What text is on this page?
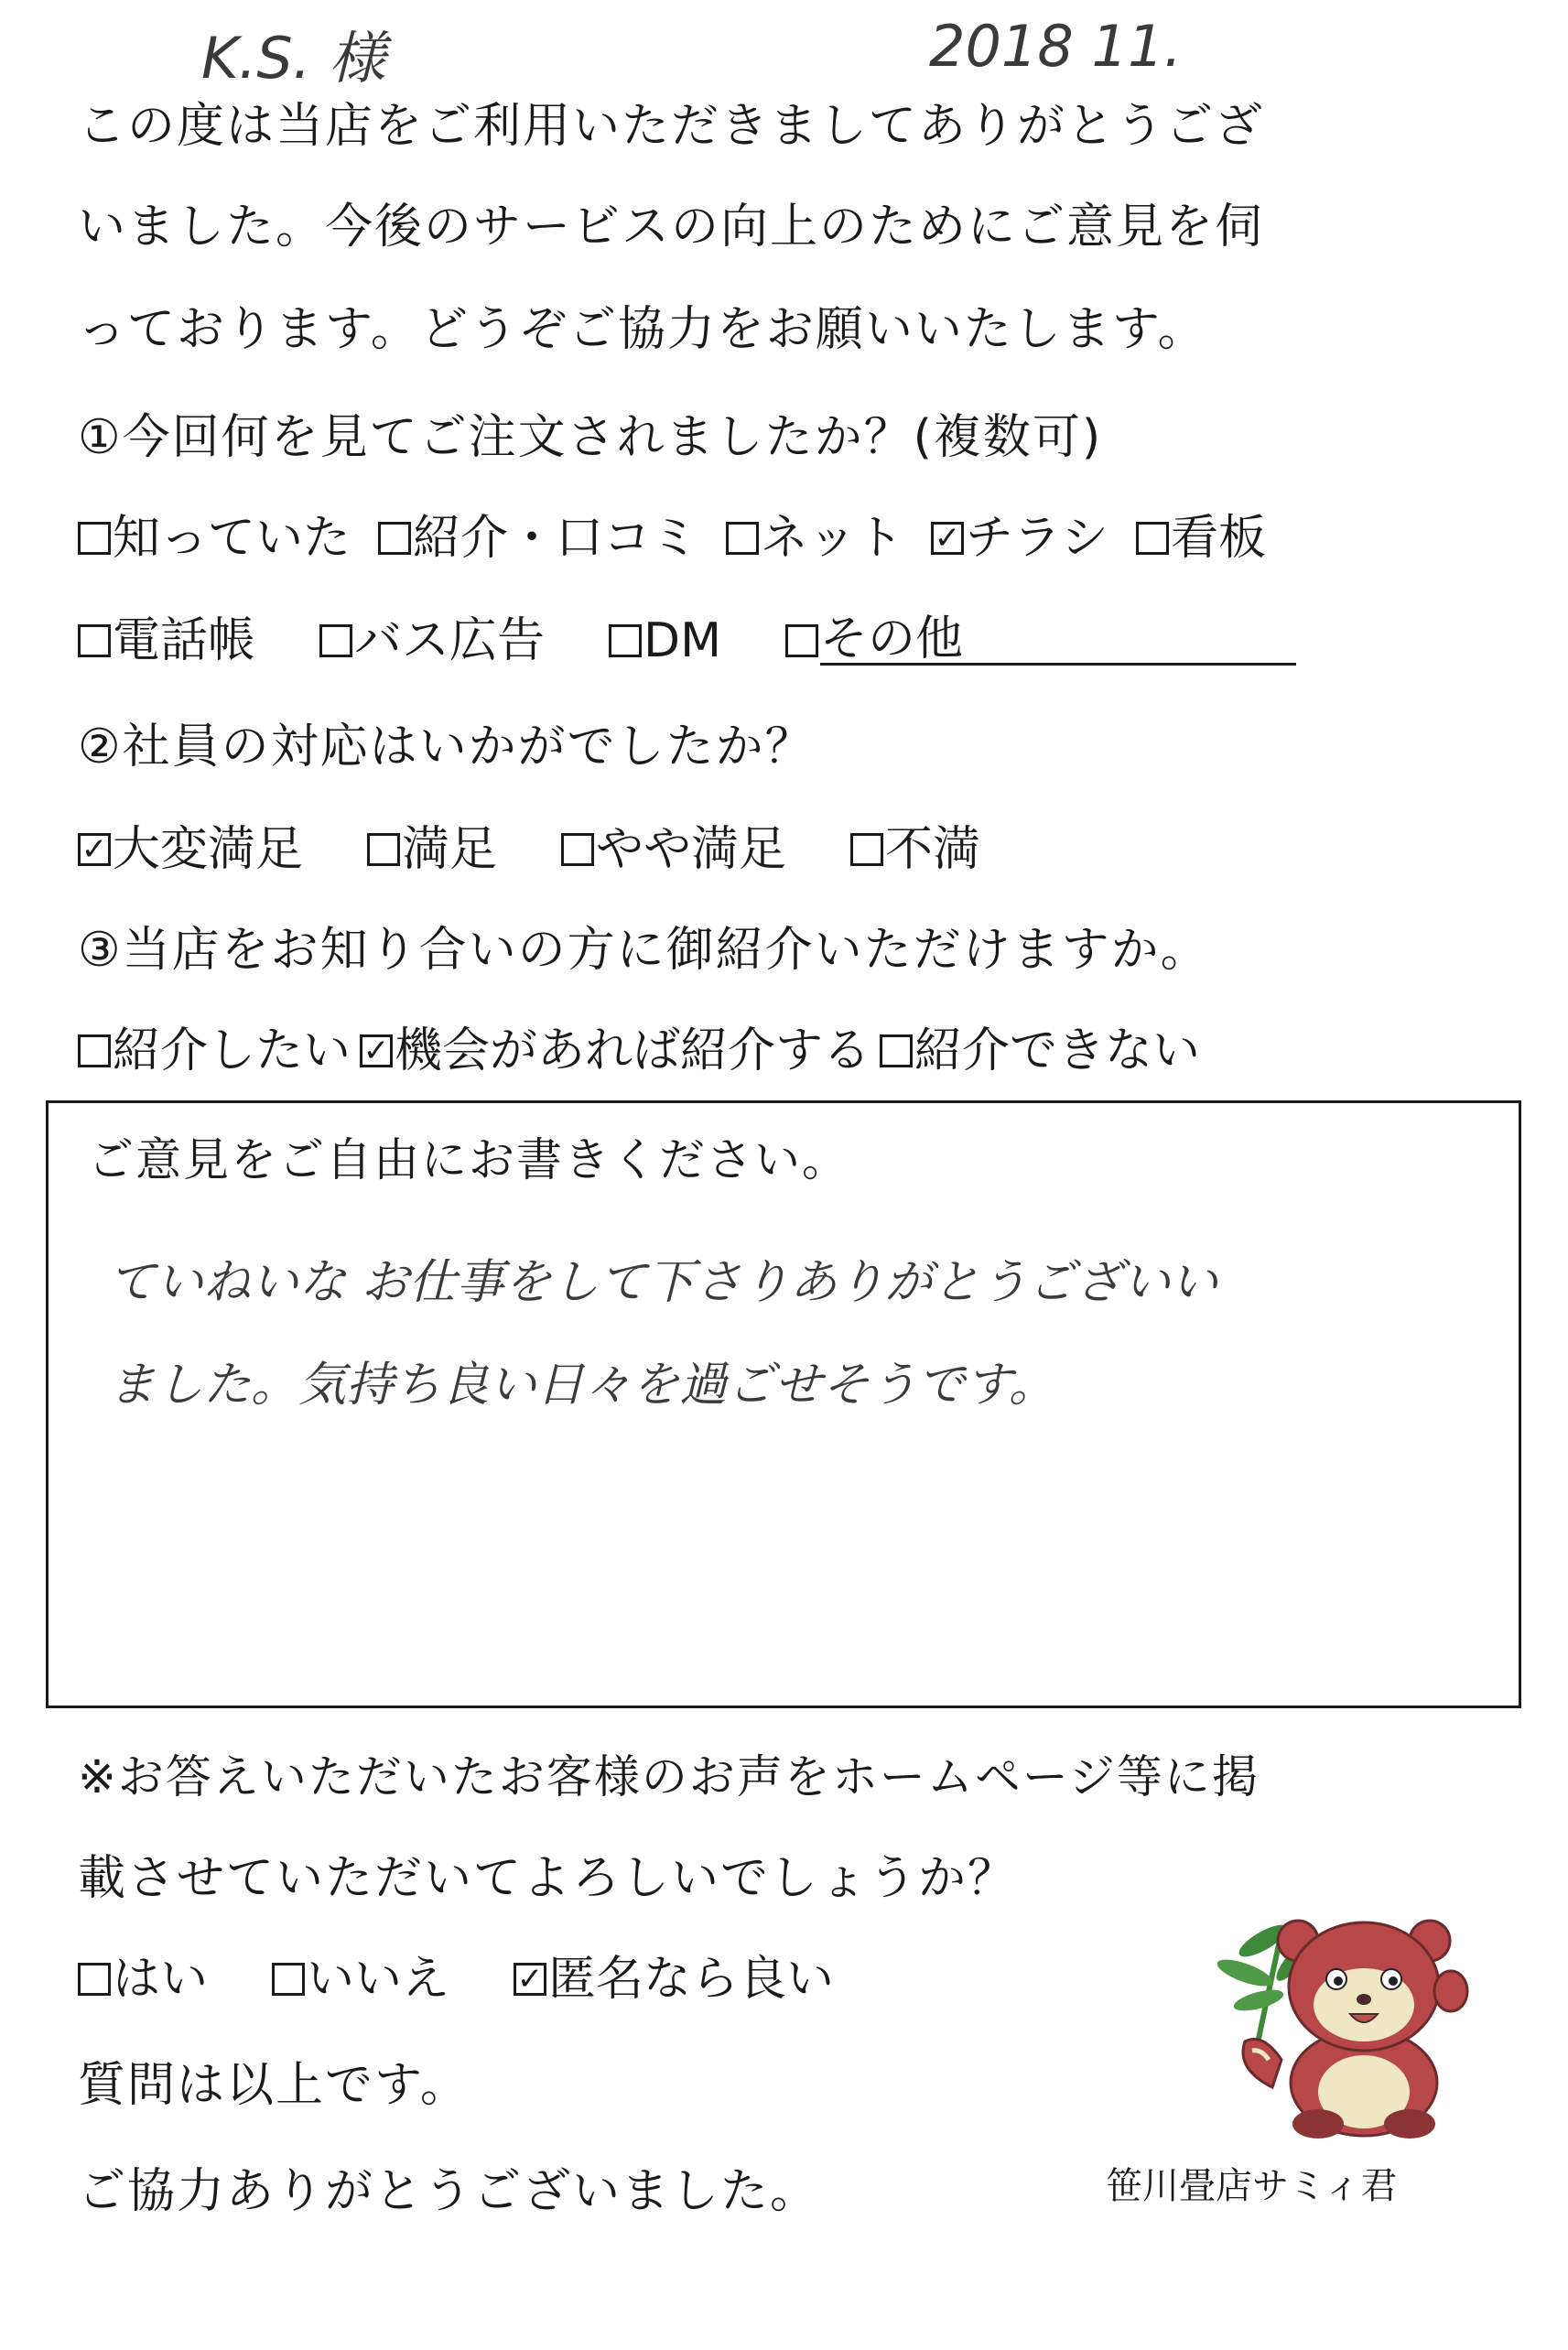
K.S. 様	2018 11.
この度は当店をご利用いただきましてありがとうござ
いました。今後のサービスの向上のためにご意見を伺
っております。どうぞご協力をお願いいたします。
①今回何を見てご注文されましたか？(複数可)
知っていた 紹介・口コミ ネット ✓ チラシ 看板
電話帳 バス広告 DM その他
②社員の対応はいかがでしたか？
✓ 大変満足 満足 やや満足 不満
③当店をお知り合いの方に御紹介いただけますか。
紹介したい ✓ 機会があれば紹介する 紹介できない
ご意見をご自由にお書きください。
ていねいな お仕事をして下さりありがとうございい
ました。気持ち良い日々を過ごせそうです。
※お答えいただいたお客様のお声をホームページ等に掲
載させていただいてよろしいでしょうか？
はい いいえ ✓ 匿名なら良い
質問は以上です。
ご協力ありがとうございました。	笹川畳店サミィ君
